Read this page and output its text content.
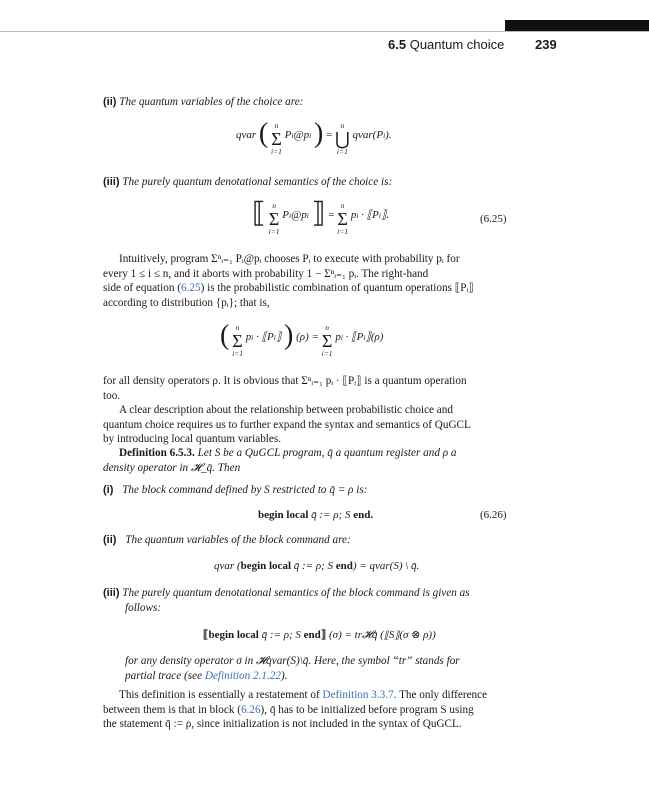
6.5 Quantum choice 239
(ii) The quantum variables of the choice are:
qvar ( n
Σ
i=1
Pi@pi ) =
n
⋃
i=1
qvar(Pi).
(iii) The purely quantum denotational semantics of the choice is:
⟦ n
Σ
i=1
Pi@pi ⟧ =
n
Σ
i=1
pi · ⟦Pi⟧.	(6.25)
Intuitively, program Σⁿᵢ₌₁ Pᵢ@pᵢ chooses Pᵢ to execute with probability pᵢ for
every 1 ≤ i ≤ n, and it aborts with probability 1 − Σⁿᵢ₌₁ pᵢ. The right-hand
side of equation (6.25) is the probabilistic combination of quantum operations ⟦Pᵢ⟧
according to distribution {pᵢ}; that is,
( n
Σ
i=1
pi · ⟦Pi⟧ ) (ρ) =
n
Σ
i=1
pi · ⟦Pi⟧(ρ)
for all density operators ρ. It is obvious that Σⁿᵢ₌₁ pᵢ · ⟦Pᵢ⟧ is a quantum operation
too.
A clear description about the relationship between probabilistic choice and
quantum choice requires us to further expand the syntax and semantics of QuGCL
by introducing local quantum variables.
Definition 6.5.3. Let S be a QuGCL program, q̄ a quantum register and ρ a
density operator in 𝓗_q̄. Then
(i) The block command defined by S restricted to q̄ = ρ is:
begin local q̄ := ρ; S end.	(6.26)
(ii) The quantum variables of the block command are:
qvar (begin local q̄ := ρ; S end) = qvar(S) \ q̄.
(iii) The purely quantum denotational semantics of the block command is given as
follows:
⟦begin local q̄ := ρ; S end⟧ (σ) = tr𝓗q̄ (⟦S⟧(σ ⊗ ρ))
for any density operator σ in 𝓗qvar(S)\q̄. Here, the symbol “tr” stands for
partial trace (see Definition 2.1.22).
This definition is essentially a restatement of Definition 3.3.7. The only difference
between them is that in block (6.26), q̄ has to be initialized before program S using
the statement q̄ := ρ, since initialization is not included in the syntax of QuGCL.
